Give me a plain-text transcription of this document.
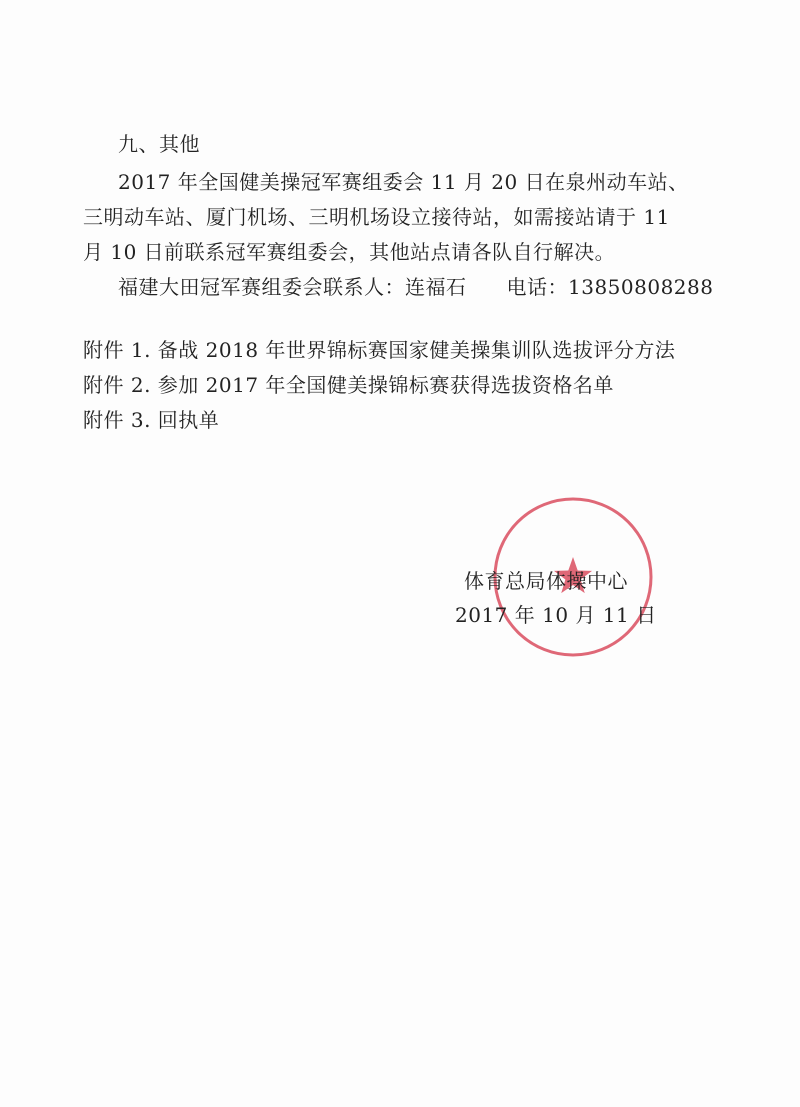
九、其他
2017 年全国健美操冠军赛组委会 11 月 20 日在泉州动车站、
三明动车站、厦门机场、三明机场设立接待站，如需接站请于 11
月 10 日前联系冠军赛组委会，其他站点请各队自行解决。
福建大田冠军赛组委会联系人：连福石 电话：13850808288
附件 1. 备战 2018 年世界锦标赛国家健美操集训队选拔评分方法
附件 2. 参加 2017 年全国健美操锦标赛获得选拔资格名单
附件 3. 回执单
体育总局体操中心
2017 年 10 月 11 日
